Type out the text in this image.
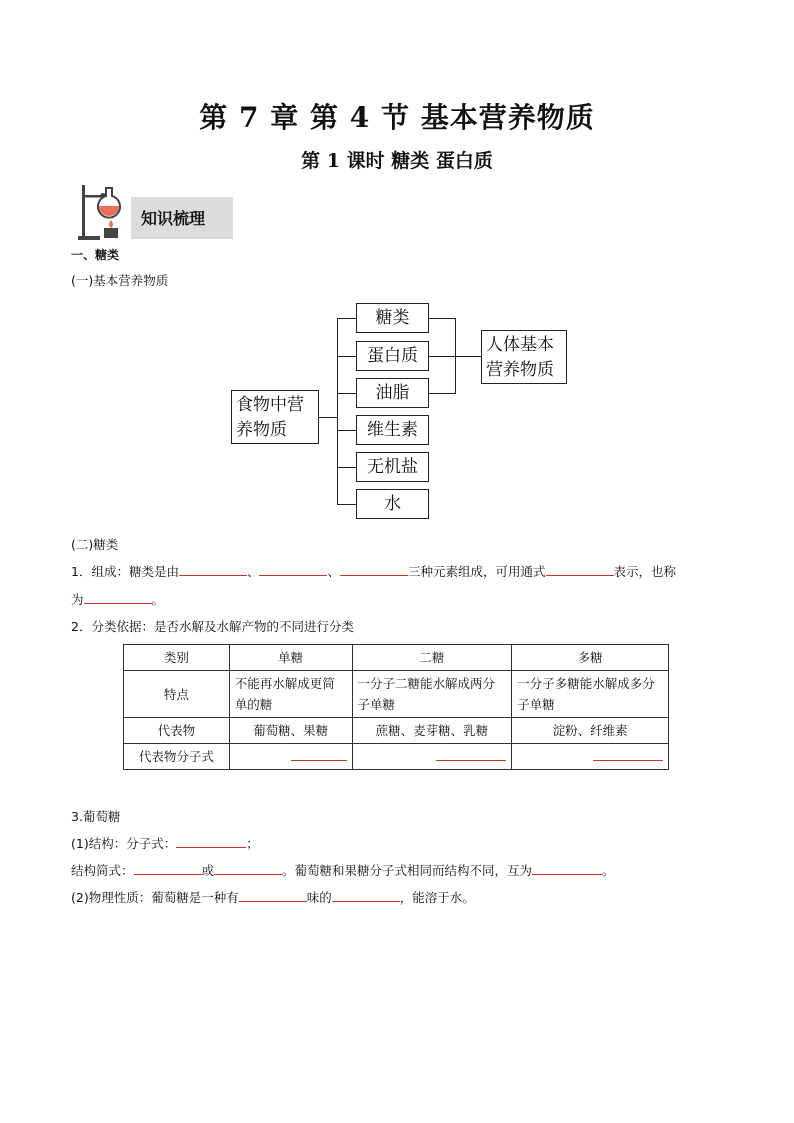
第 7 章 第 4 节 基本营养物质
第 1 课时 糖类 蛋白质
知识梳理
一、糖类
(一)基本营养物质
食物中营养物质
糖类
蛋白质
油脂
维生素
无机盐
水
人体基本营养物质
(二)糖类
1．组成：糖类是由	、	、	三种元素组成，可用通式	表示，也称
为	。
2．分类依据：是否水解及水解产物的不同进行分类
类别	单糖	二糖	多糖
特点	不能再水解成更简单的糖	一分子二糖能水解成两分子单糖	一分子多糖能水解成多分子单糖
代表物	葡萄糖、果糖	蔗糖、麦芽糖、乳糖	淀粉、纤维素
代表物分子式			
3.葡萄糖
(1)结构：分子式：	；
结构简式：	或	。葡萄糖和果糖分子式相同而结构不同，互为	。
(2)物理性质：葡萄糖是一种有	味的	，能溶于水。
